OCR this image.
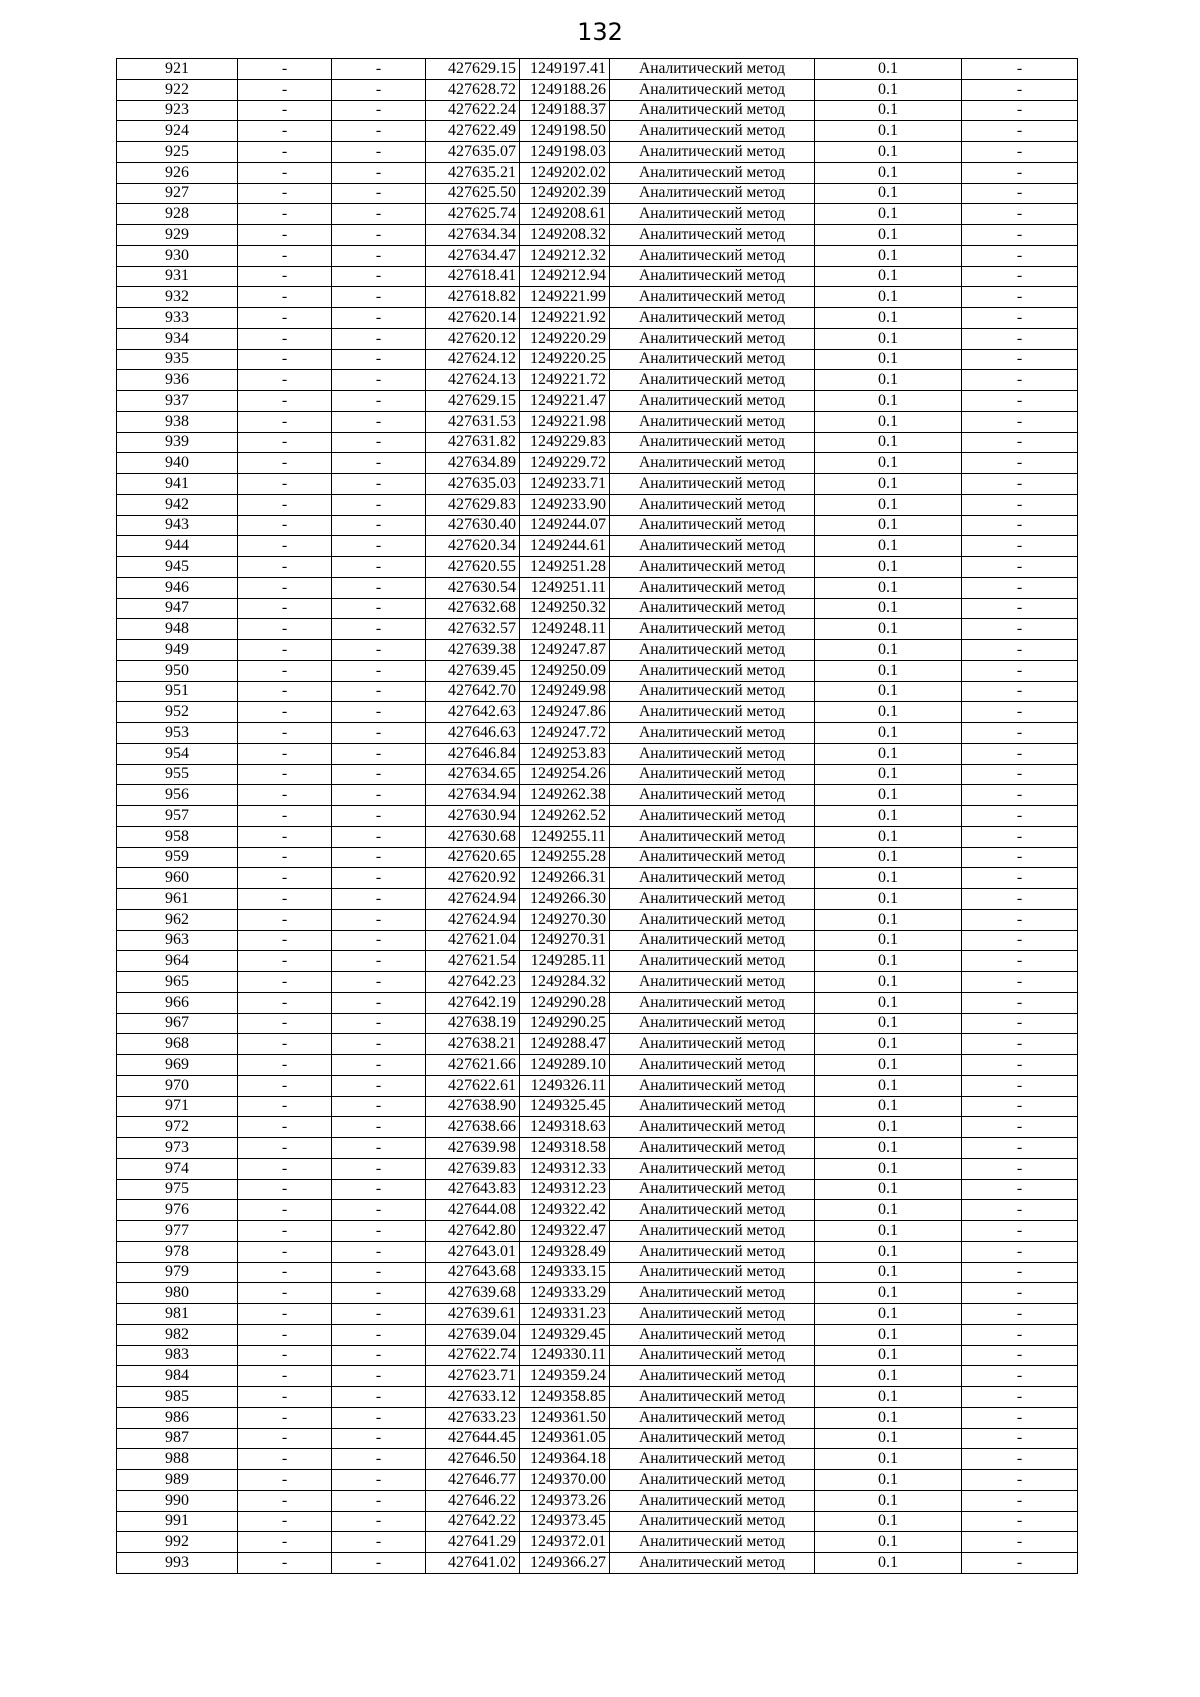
132
921	-	-	427629.15	1249197.41	Аналитический метод	0.1	-
922	-	-	427628.72	1249188.26	Аналитический метод	0.1	-
923	-	-	427622.24	1249188.37	Аналитический метод	0.1	-
924	-	-	427622.49	1249198.50	Аналитический метод	0.1	-
925	-	-	427635.07	1249198.03	Аналитический метод	0.1	-
926	-	-	427635.21	1249202.02	Аналитический метод	0.1	-
927	-	-	427625.50	1249202.39	Аналитический метод	0.1	-
928	-	-	427625.74	1249208.61	Аналитический метод	0.1	-
929	-	-	427634.34	1249208.32	Аналитический метод	0.1	-
930	-	-	427634.47	1249212.32	Аналитический метод	0.1	-
931	-	-	427618.41	1249212.94	Аналитический метод	0.1	-
932	-	-	427618.82	1249221.99	Аналитический метод	0.1	-
933	-	-	427620.14	1249221.92	Аналитический метод	0.1	-
934	-	-	427620.12	1249220.29	Аналитический метод	0.1	-
935	-	-	427624.12	1249220.25	Аналитический метод	0.1	-
936	-	-	427624.13	1249221.72	Аналитический метод	0.1	-
937	-	-	427629.15	1249221.47	Аналитический метод	0.1	-
938	-	-	427631.53	1249221.98	Аналитический метод	0.1	-
939	-	-	427631.82	1249229.83	Аналитический метод	0.1	-
940	-	-	427634.89	1249229.72	Аналитический метод	0.1	-
941	-	-	427635.03	1249233.71	Аналитический метод	0.1	-
942	-	-	427629.83	1249233.90	Аналитический метод	0.1	-
943	-	-	427630.40	1249244.07	Аналитический метод	0.1	-
944	-	-	427620.34	1249244.61	Аналитический метод	0.1	-
945	-	-	427620.55	1249251.28	Аналитический метод	0.1	-
946	-	-	427630.54	1249251.11	Аналитический метод	0.1	-
947	-	-	427632.68	1249250.32	Аналитический метод	0.1	-
948	-	-	427632.57	1249248.11	Аналитический метод	0.1	-
949	-	-	427639.38	1249247.87	Аналитический метод	0.1	-
950	-	-	427639.45	1249250.09	Аналитический метод	0.1	-
951	-	-	427642.70	1249249.98	Аналитический метод	0.1	-
952	-	-	427642.63	1249247.86	Аналитический метод	0.1	-
953	-	-	427646.63	1249247.72	Аналитический метод	0.1	-
954	-	-	427646.84	1249253.83	Аналитический метод	0.1	-
955	-	-	427634.65	1249254.26	Аналитический метод	0.1	-
956	-	-	427634.94	1249262.38	Аналитический метод	0.1	-
957	-	-	427630.94	1249262.52	Аналитический метод	0.1	-
958	-	-	427630.68	1249255.11	Аналитический метод	0.1	-
959	-	-	427620.65	1249255.28	Аналитический метод	0.1	-
960	-	-	427620.92	1249266.31	Аналитический метод	0.1	-
961	-	-	427624.94	1249266.30	Аналитический метод	0.1	-
962	-	-	427624.94	1249270.30	Аналитический метод	0.1	-
963	-	-	427621.04	1249270.31	Аналитический метод	0.1	-
964	-	-	427621.54	1249285.11	Аналитический метод	0.1	-
965	-	-	427642.23	1249284.32	Аналитический метод	0.1	-
966	-	-	427642.19	1249290.28	Аналитический метод	0.1	-
967	-	-	427638.19	1249290.25	Аналитический метод	0.1	-
968	-	-	427638.21	1249288.47	Аналитический метод	0.1	-
969	-	-	427621.66	1249289.10	Аналитический метод	0.1	-
970	-	-	427622.61	1249326.11	Аналитический метод	0.1	-
971	-	-	427638.90	1249325.45	Аналитический метод	0.1	-
972	-	-	427638.66	1249318.63	Аналитический метод	0.1	-
973	-	-	427639.98	1249318.58	Аналитический метод	0.1	-
974	-	-	427639.83	1249312.33	Аналитический метод	0.1	-
975	-	-	427643.83	1249312.23	Аналитический метод	0.1	-
976	-	-	427644.08	1249322.42	Аналитический метод	0.1	-
977	-	-	427642.80	1249322.47	Аналитический метод	0.1	-
978	-	-	427643.01	1249328.49	Аналитический метод	0.1	-
979	-	-	427643.68	1249333.15	Аналитический метод	0.1	-
980	-	-	427639.68	1249333.29	Аналитический метод	0.1	-
981	-	-	427639.61	1249331.23	Аналитический метод	0.1	-
982	-	-	427639.04	1249329.45	Аналитический метод	0.1	-
983	-	-	427622.74	1249330.11	Аналитический метод	0.1	-
984	-	-	427623.71	1249359.24	Аналитический метод	0.1	-
985	-	-	427633.12	1249358.85	Аналитический метод	0.1	-
986	-	-	427633.23	1249361.50	Аналитический метод	0.1	-
987	-	-	427644.45	1249361.05	Аналитический метод	0.1	-
988	-	-	427646.50	1249364.18	Аналитический метод	0.1	-
989	-	-	427646.77	1249370.00	Аналитический метод	0.1	-
990	-	-	427646.22	1249373.26	Аналитический метод	0.1	-
991	-	-	427642.22	1249373.45	Аналитический метод	0.1	-
992	-	-	427641.29	1249372.01	Аналитический метод	0.1	-
993	-	-	427641.02	1249366.27	Аналитический метод	0.1	-
